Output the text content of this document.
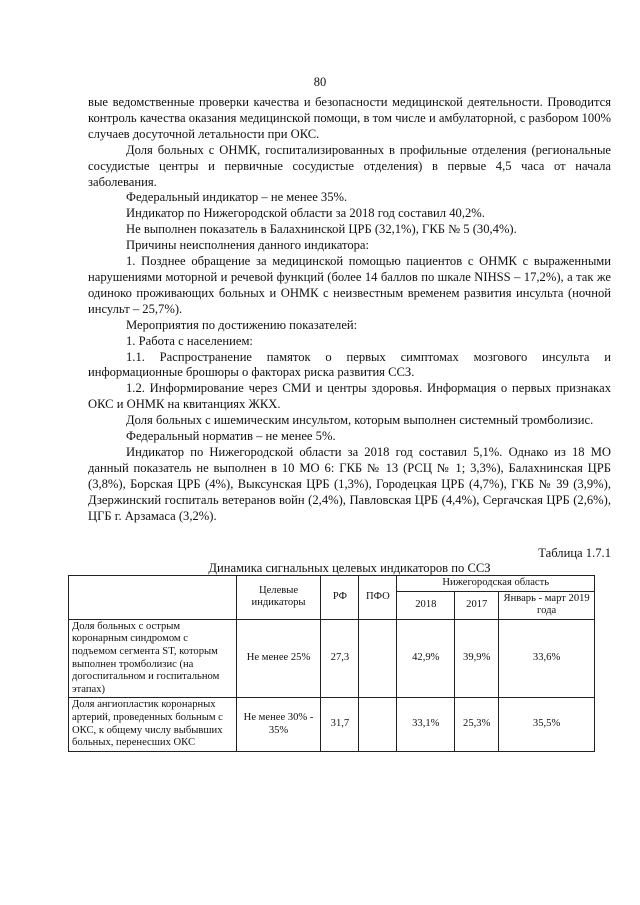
80

вые ведомственные проверки качества и безопасности медицинской деятельности. Проводится контроль качества оказания медицинской помощи, в том числе и амбулаторной, с разбором 100% случаев досуточной летальности при ОКС.

Доля больных с ОНМК, госпитализированных в профильные отделения (региональные сосудистые центры и первичные сосудистые отделения) в первые 4,5 часа от начала заболевания.

Федеральный индикатор – не менее 35%.

Индикатор по Нижегородской области за 2018 год составил 40,2%.

Не выполнен показатель в Балахнинской ЦРБ (32,1%), ГКБ № 5 (30,4%).

Причины неисполнения данного индикатора:

1. Позднее обращение за медицинской помощью пациентов с ОНМК с выраженными нарушениями моторной и речевой функций (более 14 баллов по шкале NIHSS – 17,2%), а так же одиноко проживающих больных и ОНМК с неизвестным временем развития инсульта (ночной инсульт – 25,7%).

Мероприятия по достижению показателей:

1. Работа с населением:

1.1. Распространение памяток о первых симптомах мозгового инсульта и информационные брошюры о факторах риска развития ССЗ.

1.2. Информирование через СМИ и центры здоровья. Информация о первых признаках ОКС и ОНМК на квитанциях ЖКХ.

Доля больных с ишемическим инсультом, которым выполнен системный тромболизис.

Федеральный норматив – не менее 5%.

Индикатор по Нижегородской области за 2018 год составил 5,1%. Однако из 18 МО данный показатель не выполнен в 10 МО 6: ГКБ № 13 (РСЦ № 1; 3,3%), Балахнинская ЦРБ (3,8%), Борская ЦРБ (4%), Выксунская ЦРБ (1,3%), Городецкая ЦРБ (4,7%), ГКБ № 39 (3,9%), Дзержинский госпиталь ветеранов войн (2,4%), Павловская ЦРБ (4,4%), Сергачская ЦРБ (2,6%), ЦГБ г. Арзамаса (3,2%).

Таблица 1.7.1
Динамика сигнальных целевых индикаторов по ССЗ
	Целевые индикаторы	РФ	ПФО	Нижегородская область		
				2018	2017	Январь - март 2019 года
Доля больных с острым коронарным синдромом с подъемом сегмента ST, которым выполнен тромболизис (на догоспитальном и госпитальном этапах)	Не менее 25%	27,3		42,9%	39,9%	33,6%
Доля ангиопластик коронарных артерий, проведенных больным с ОКС, к общему числу выбывших больных, перенесших ОКС	Не менее 30% - 35%	31,7		33,1%	25,3%	35,5%
